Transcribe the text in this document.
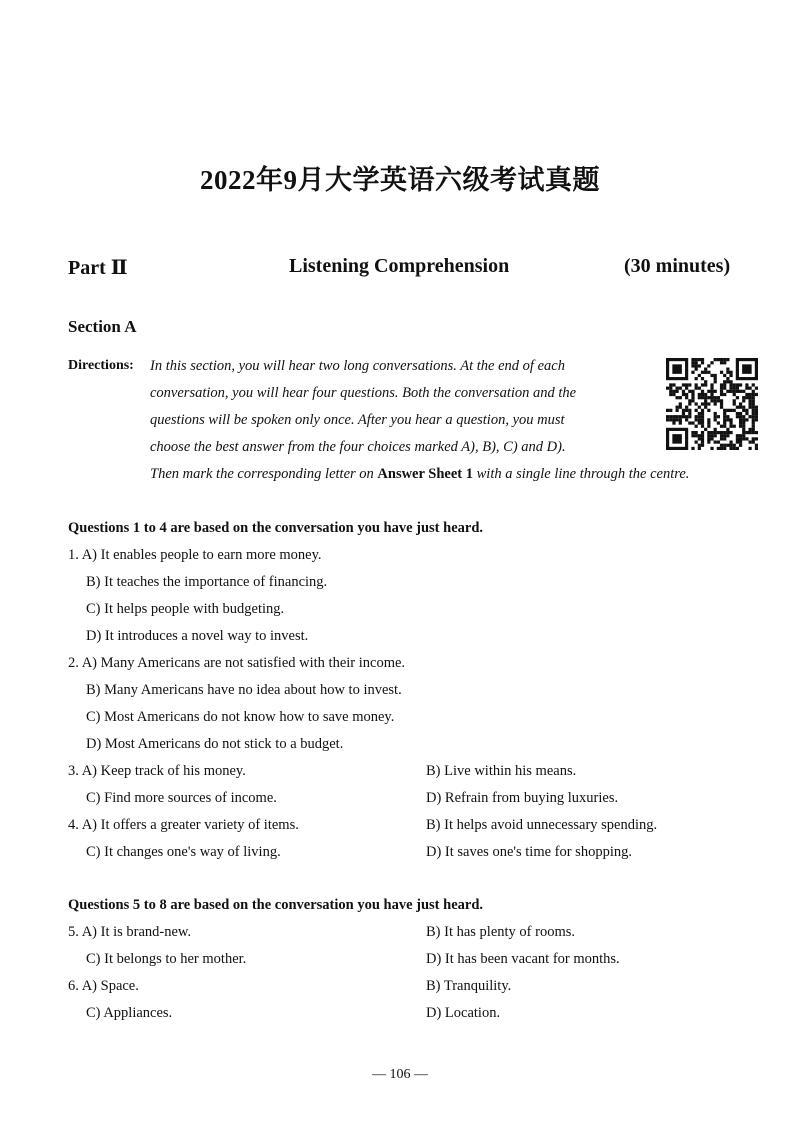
2022年9月大学英语六级考试真题
Part Ⅱ	Listening Comprehension	(30 minutes)
Section A
Directions: In this section, you will hear two long conversations. At the end of each
conversation, you will hear four questions. Both the conversation and the
questions will be spoken only once. After you hear a question, you must
choose the best answer from the four choices marked A), B), C) and D).
Then mark the corresponding letter on Answer Sheet 1 with a single line through the centre.
Questions 1 to 4 are based on the conversation you have just heard.
1. A) It enables people to earn more money.
B) It teaches the importance of financing.
C) It helps people with budgeting.
D) It introduces a novel way to invest.
2. A) Many Americans are not satisfied with their income.
B) Many Americans have no idea about how to invest.
C) Most Americans do not know how to save money.
D) Most Americans do not stick to a budget.
3. A) Keep track of his money.	B) Live within his means.
C) Find more sources of income.	D) Refrain from buying luxuries.
4. A) It offers a greater variety of items.	B) It helps avoid unnecessary spending.
C) It changes one's way of living.	D) It saves one's time for shopping.
Questions 5 to 8 are based on the conversation you have just heard.
5. A) It is brand-new.	B) It has plenty of rooms.
C) It belongs to her mother.	D) It has been vacant for months.
6. A) Space.	B) Tranquility.
C) Appliances.	D) Location.
— 106 —
